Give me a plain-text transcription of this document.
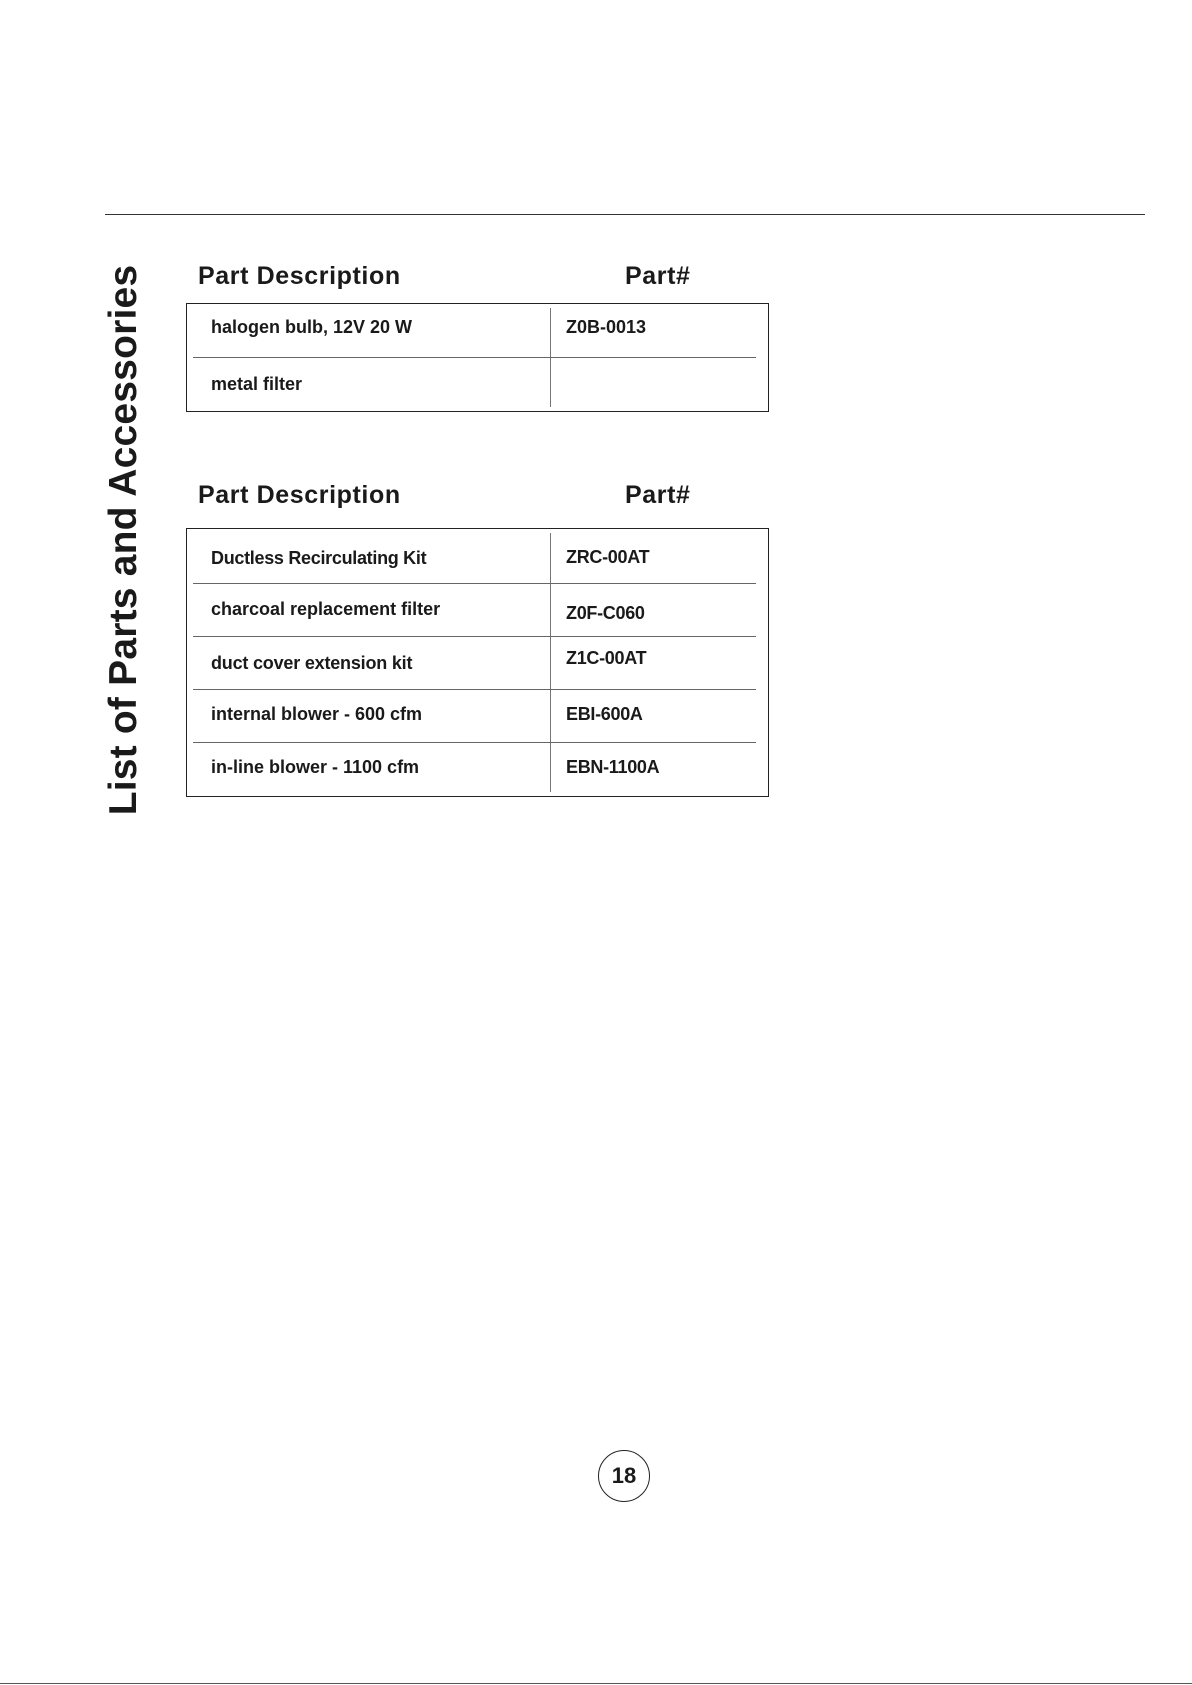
List of Parts and Accessories Part Description	Part#
halogen bulb, 12V 20 W	Z0B-0013
metal filter
Part Description	Part#
Ductless Recirculating Kit	ZRC-00AT
charcoal replacement filter	Z0F-C060
duct cover extension kit	Z1C-00AT
internal blower - 600 cfm	EBI-600A
in-line blower - 1100 cfm	EBN-1100A
18
